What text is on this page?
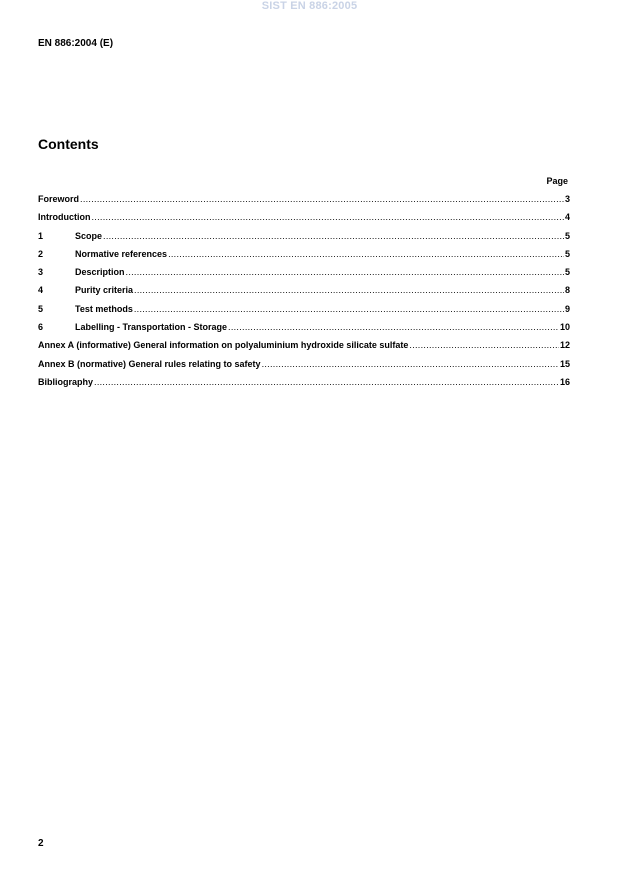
SIST EN 886:2005
EN 886:2004 (E)
Contents
Page
Foreword .....	3
Introduction .....	4
1	Scope .....	5
2	Normative references .....	5
3	Description .....	5
4	Purity criteria .....	8
5	Test methods .....	9
6	Labelling - Transportation - Storage .....	10
Annex A (informative) General information on polyaluminium hydroxide silicate sulfate .....	12
Annex B (normative) General rules relating to safety .....	15
Bibliography .....	16
2
